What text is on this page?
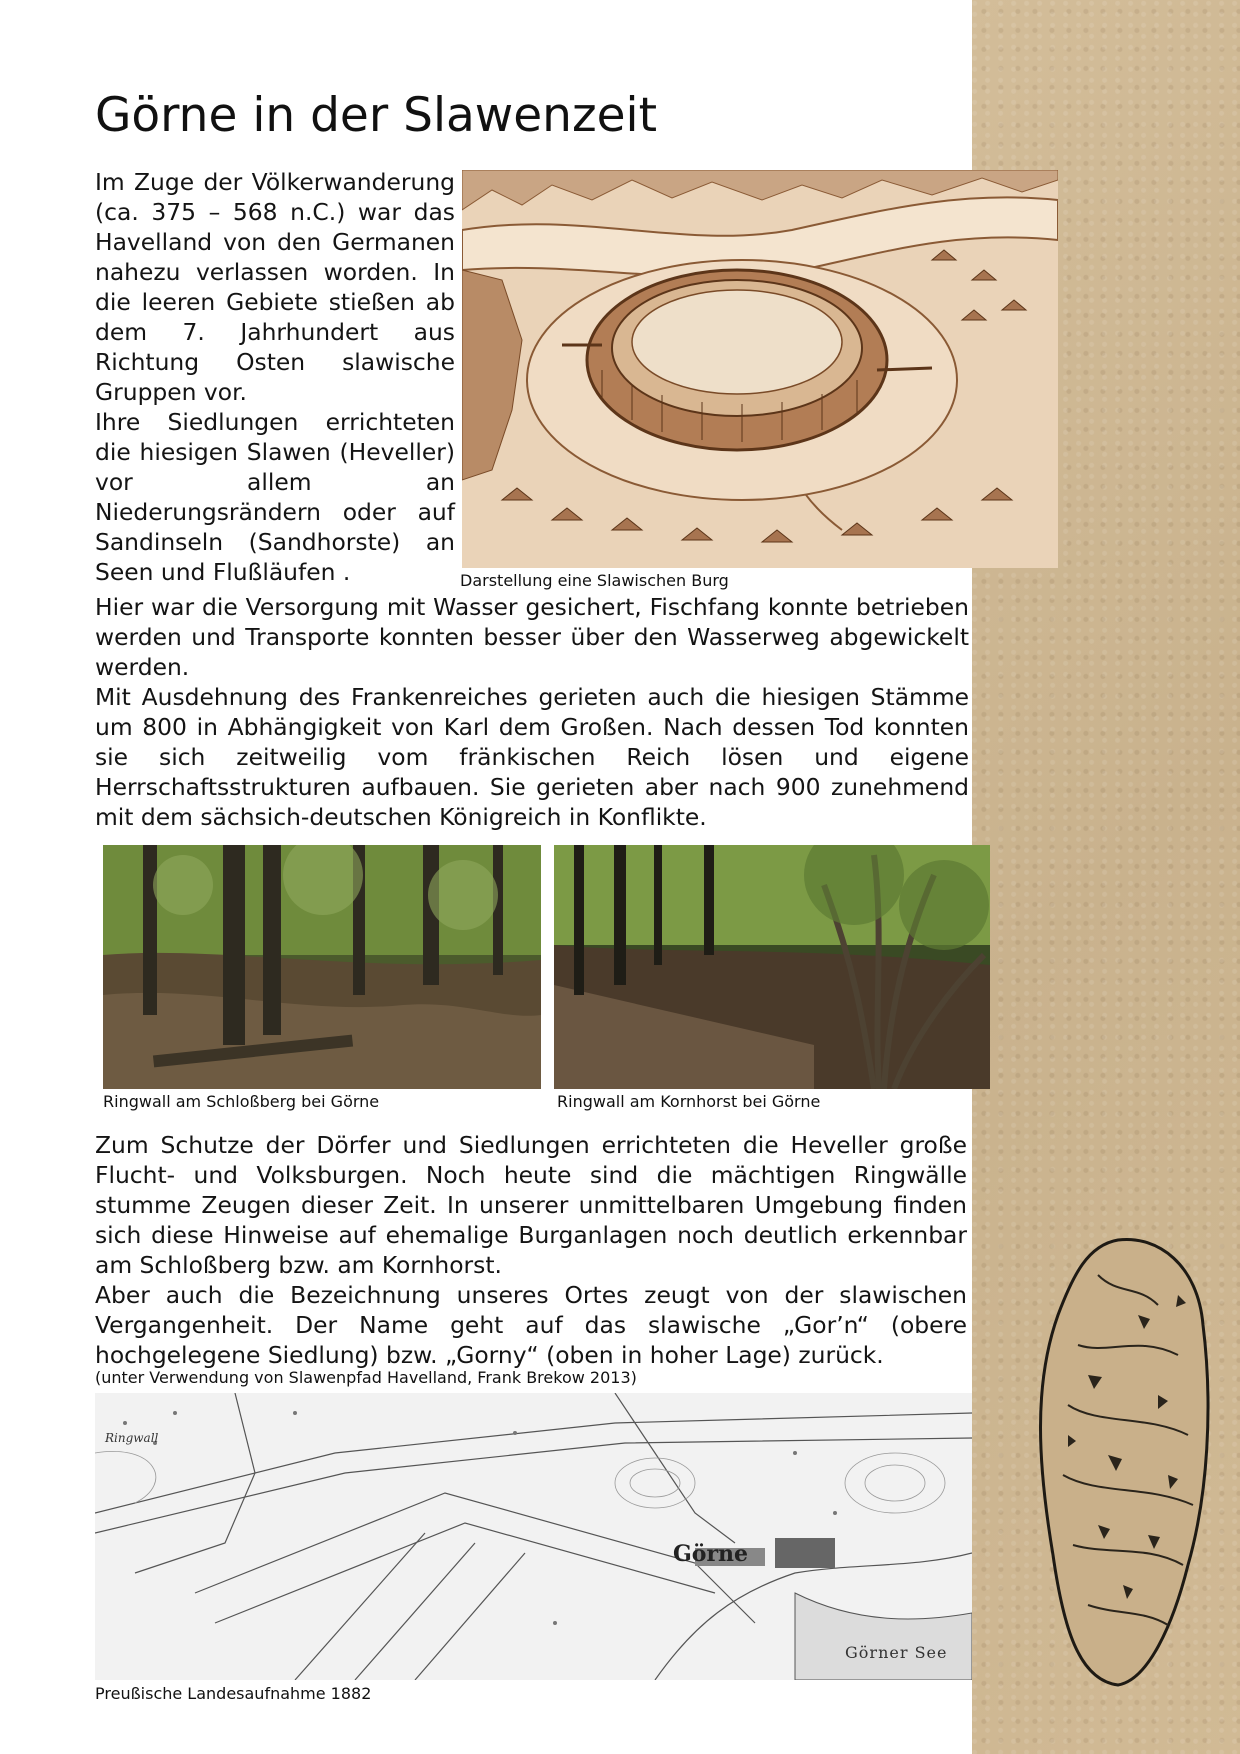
Görne in der Slawenzeit
Im Zuge der Völkerwanderung (ca. 375 – 568 n.C.) war das Havelland von den Germanen nahezu verlassen worden. In die leeren Gebiete stießen ab dem 7. Jahrhundert aus Richtung Osten slawische Gruppen vor.
Ihre Siedlungen errichteten die hiesigen Slawen (Heveller) vor allem an Niederungsrändern oder auf Sandinseln (Sandhorste) an Seen und Flußläufen .	Darstellung eine Slawischen Burg
Hier war die Versorgung mit Wasser gesichert, Fischfang konnte betrieben werden und Transporte konnten besser über den Wasserweg abgewickelt werden.
Mit Ausdehnung des Frankenreiches gerieten auch die hiesigen Stämme um 800 in Abhängigkeit von Karl dem Großen. Nach dessen Tod konnten sie sich zeitweilig vom fränkischen Reich lösen und eigene Herrschaftsstrukturen aufbauen. Sie gerieten aber nach 900 zunehmend mit dem sächsich-deutschen Königreich in Konflikte.
Ringwall am Schloßberg bei Görne	Ringwall am Kornhorst bei Görne
Zum Schutze der Dörfer und Siedlungen errichteten die Heveller große Flucht- und Volksburgen. Noch heute sind die mächtigen Ringwälle stumme Zeugen dieser Zeit. In unserer unmittelbaren Umgebung finden sich diese Hinweise auf ehemalige Burganlagen noch deutlich erkennbar am Schloßberg bzw. am Kornhorst.
Aber auch die Bezeichnung unseres Ortes zeugt von der slawischen Vergangenheit. Der Name geht auf das slawische „Gor’n“ (obere hochgelegene Siedlung) bzw. „Gorny“ (oben in hoher Lage) zurück.
(unter Verwendung von Slawenpfad Havelland, Frank Brekow 2013)
Ringwall
Görne
Görner See
Preußische Landesaufnahme 1882
